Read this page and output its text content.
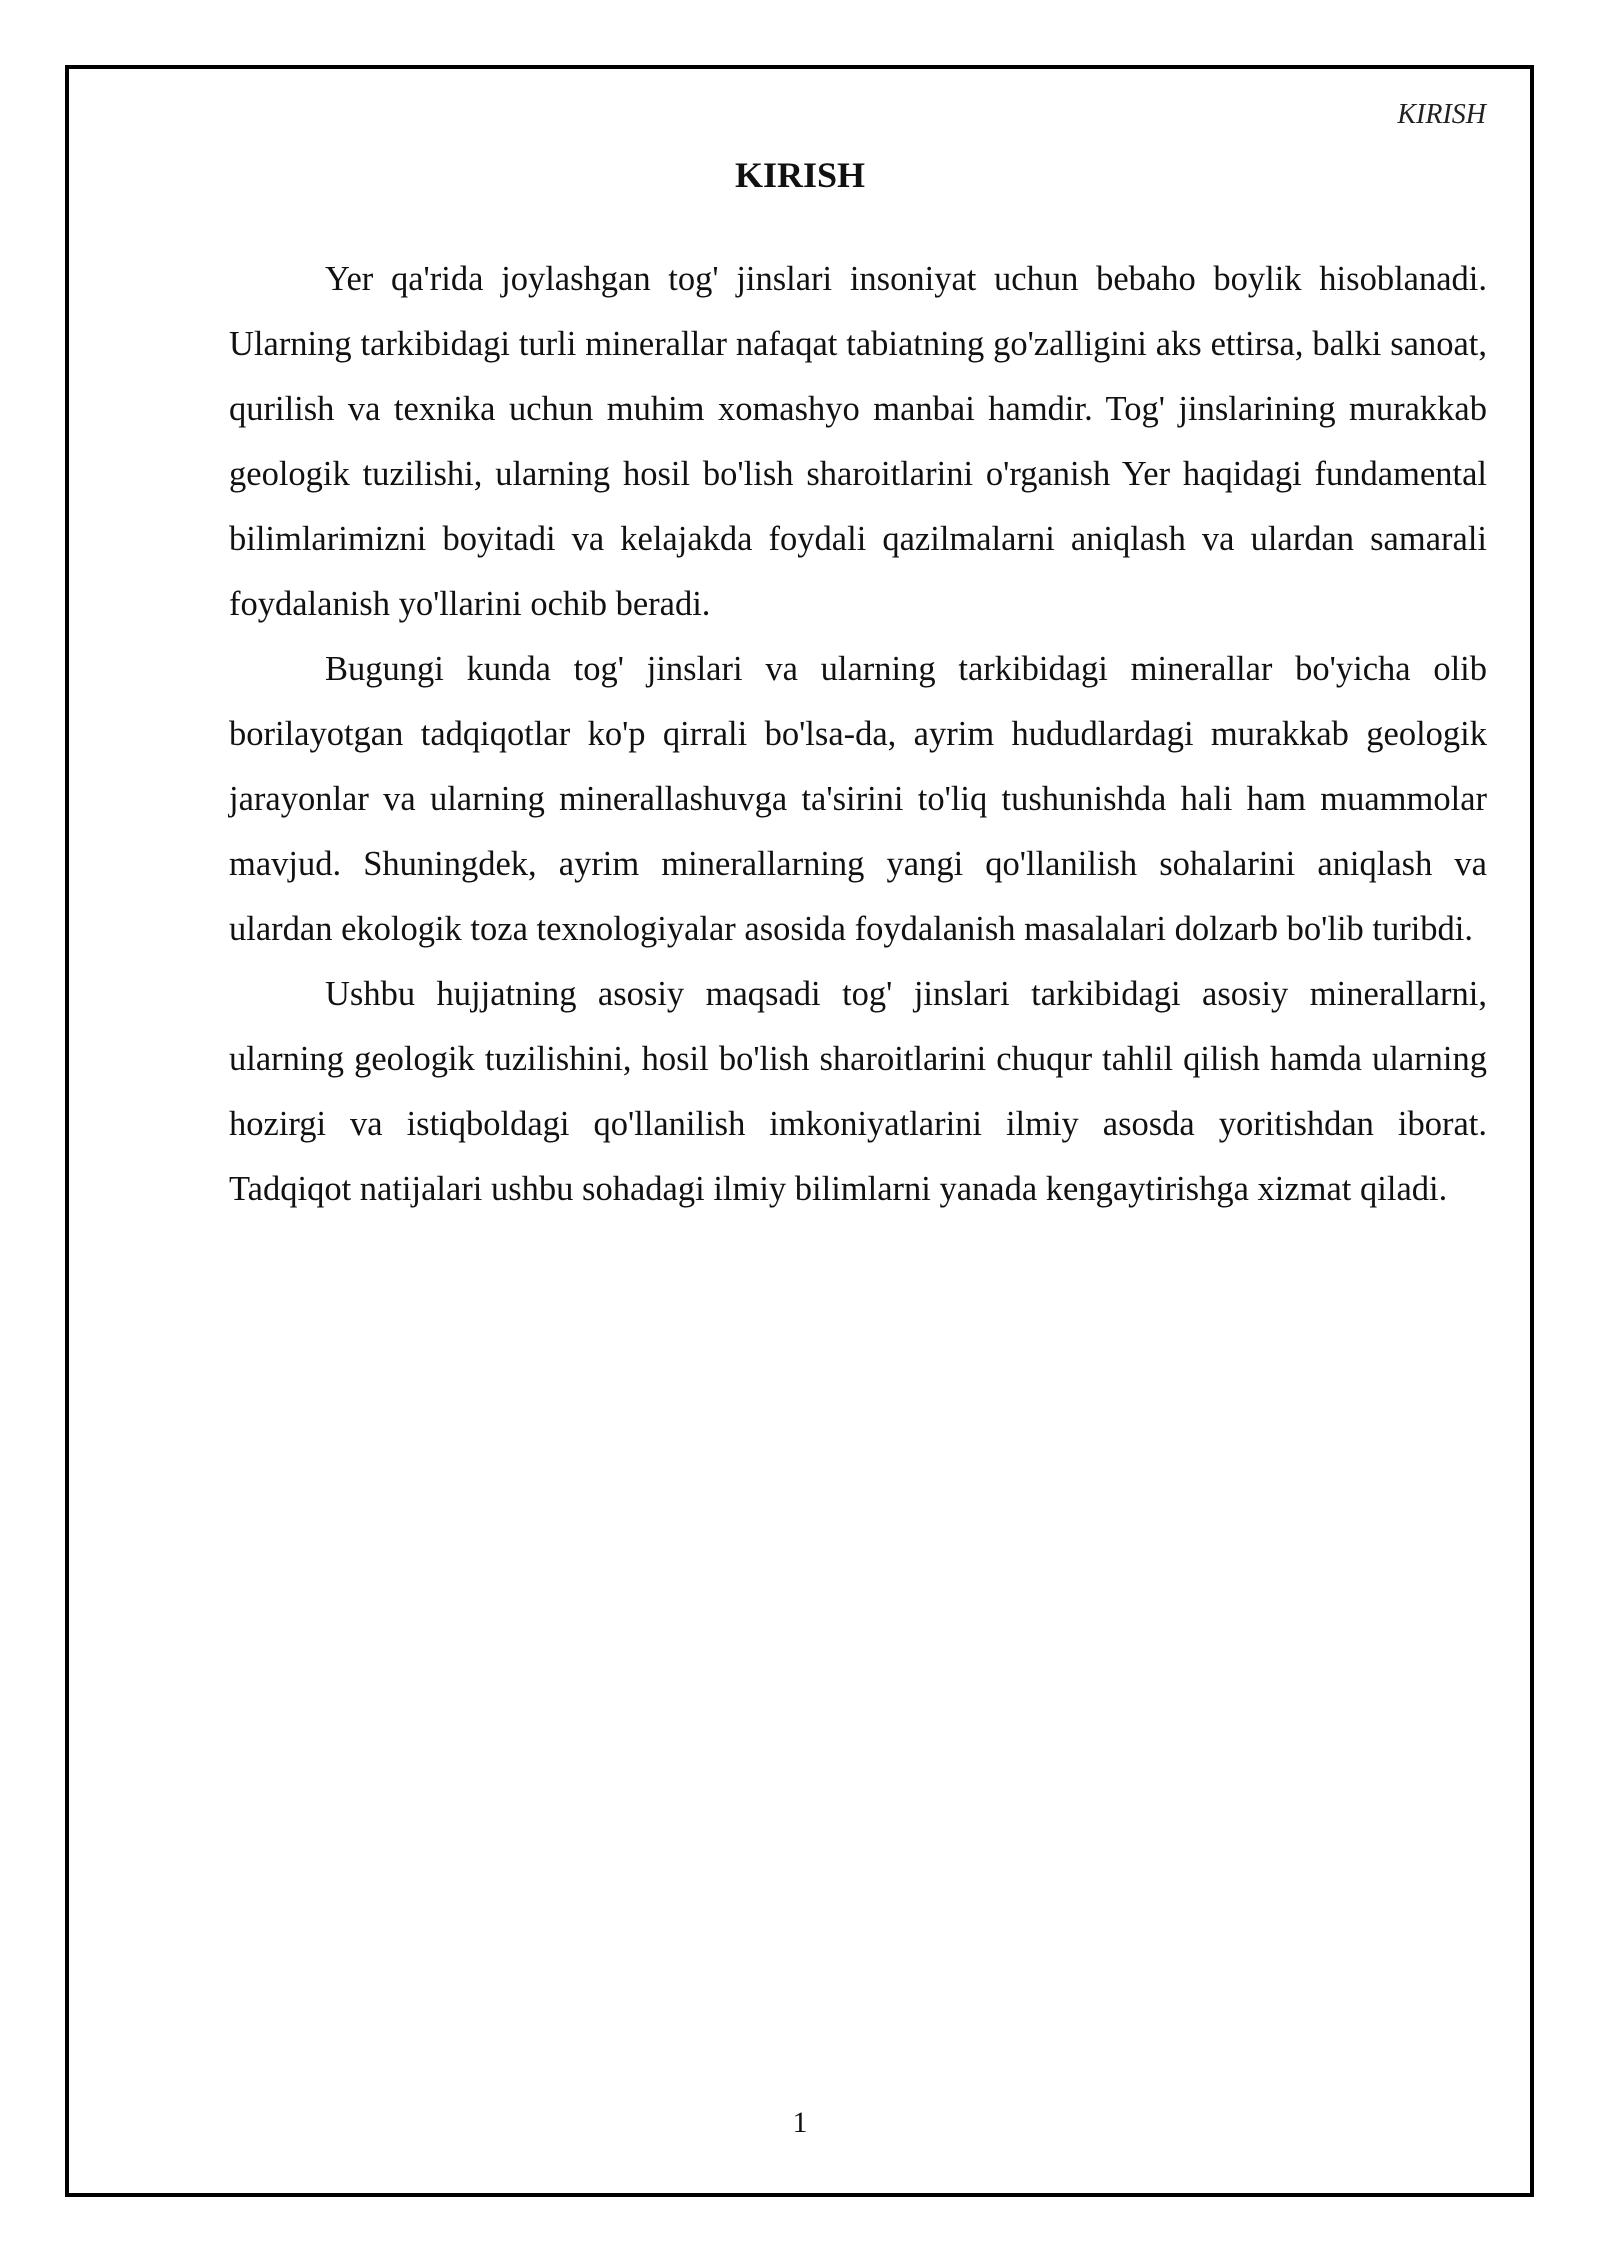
KIRISH
KIRISH

Yer qa'rida joylashgan tog' jinslari insoniyat uchun bebaho boylik hisoblanadi. Ularning tarkibidagi turli minerallar nafaqat tabiatning go'zalligini aks ettirsa, balki sanoat, qurilish va texnika uchun muhim xomashyo manbai hamdir. Tog' jinslarining murakkab geologik tuzilishi, ularning hosil bo'lish sharoitlarini o'rganish Yer haqidagi fundamental bilimlarimizni boyitadi va kelajakda foydali qazilmalarni aniqlash va ulardan samarali foydalanish yo'llarini ochib beradi.

Bugungi kunda tog' jinslari va ularning tarkibidagi minerallar bo'yicha olib borilayotgan tadqiqotlar ko'p qirrali bo'lsa-da, ayrim hududlardagi murakkab geologik jarayonlar va ularning minerallashuvga ta'sirini to'liq tushunishda hali ham muammolar mavjud. Shuningdek, ayrim minerallarning yangi qo'llanilish sohalarini aniqlash va ulardan ekologik toza texnologiyalar asosida foydalanish masalalari dolzarb bo'lib turibdi.

Ushbu hujjatning asosiy maqsadi tog' jinslari tarkibidagi asosiy minerallarni, ularning geologik tuzilishini, hosil bo'lish sharoitlarini chuqur tahlil qilish hamda ularning hozirgi va istiqboldagi qo'llanilish imkoniyatlarini ilmiy asosda yoritishdan iborat. Tadqiqot natijalari ushbu sohadagi ilmiy bilimlarni yanada kengaytirishga xizmat qiladi.

1
